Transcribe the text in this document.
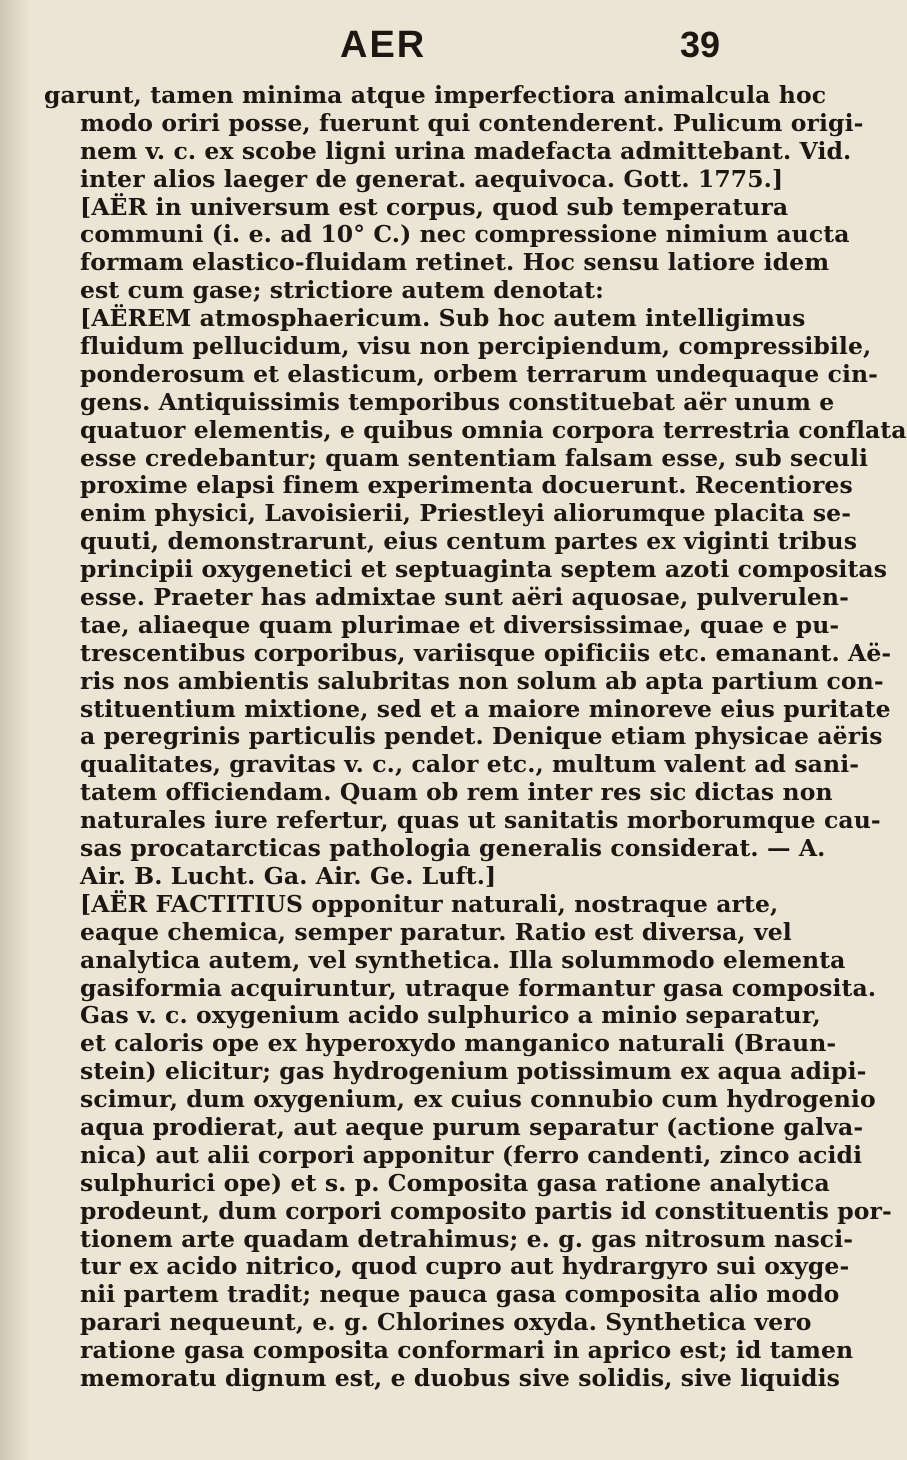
AER	39
garunt, tamen minima atque imperfectiora animalcula hoc
modo oriri posse, fuerunt qui contenderent. Pulicum origi-
nem v. c. ex scobe ligni urina madefacta admittebant. Vid.
inter alios laeger de generat. aequivoca. Gott. 1775.]
[AËR in universum est corpus, quod sub temperatura
communi (i. e. ad 10° C.) nec compressione nimium aucta
formam elastico-fluidam retinet. Hoc sensu latiore idem
est cum gase; strictiore autem denotat:
[AËREM atmosphaericum. Sub hoc autem intelligimus
fluidum pellucidum, visu non percipiendum, compressibile,
ponderosum et elasticum, orbem terrarum undequaque cin-
gens. Antiquissimis temporibus constituebat aër unum e
quatuor elementis, e quibus omnia corpora terrestria conflata
esse credebantur; quam sententiam falsam esse, sub seculi
proxime elapsi finem experimenta docuerunt. Recentiores
enim physici, Lavoisierii, Priestleyi aliorumque placita se-
quuti, demonstrarunt, eius centum partes ex viginti tribus
principii oxygenetici et septuaginta septem azoti compositas
esse. Praeter has admixtae sunt aëri aquosae, pulverulen-
tae, aliaeque quam plurimae et diversissimae, quae e pu-
trescentibus corporibus, variisque opificiis etc. emanant. Aë-
ris nos ambientis salubritas non solum ab apta partium con-
stituentium mixtione, sed et a maiore minoreve eius puritate
a peregrinis particulis pendet. Denique etiam physicae aëris
qualitates, gravitas v. c., calor etc., multum valent ad sani-
tatem officiendam. Quam ob rem inter res sic dictas non
naturales iure refertur, quas ut sanitatis morborumque cau-
sas procatarcticas pathologia generalis considerat. — A.
Air. B. Lucht. Ga. Air. Ge. Luft.]
[AËR FACTITIUS opponitur naturali, nostraque arte,
eaque chemica, semper paratur. Ratio est diversa, vel
analytica autem, vel synthetica. Illa solummodo elementa
gasiformia acquiruntur, utraque formantur gasa composita.
Gas v. c. oxygenium acido sulphurico a minio separatur,
et caloris ope ex hyperoxydo manganico naturali (Braun-
stein) elicitur; gas hydrogenium potissimum ex aqua adipi-
scimur, dum oxygenium, ex cuius connubio cum hydrogenio
aqua prodierat, aut aeque purum separatur (actione galva-
nica) aut alii corpori apponitur (ferro candenti, zinco acidi
sulphurici ope) et s. p. Composita gasa ratione analytica
prodeunt, dum corpori composito partis id constituentis por-
tionem arte quadam detrahimus; e. g. gas nitrosum nasci-
tur ex acido nitrico, quod cupro aut hydrargyro sui oxyge-
nii partem tradit; neque pauca gasa composita alio modo
parari nequeunt, e. g. Chlorines oxyda. Synthetica vero
ratione gasa composita conformari in aprico est; id tamen
memoratu dignum est, e duobus sive solidis, sive liquidis
